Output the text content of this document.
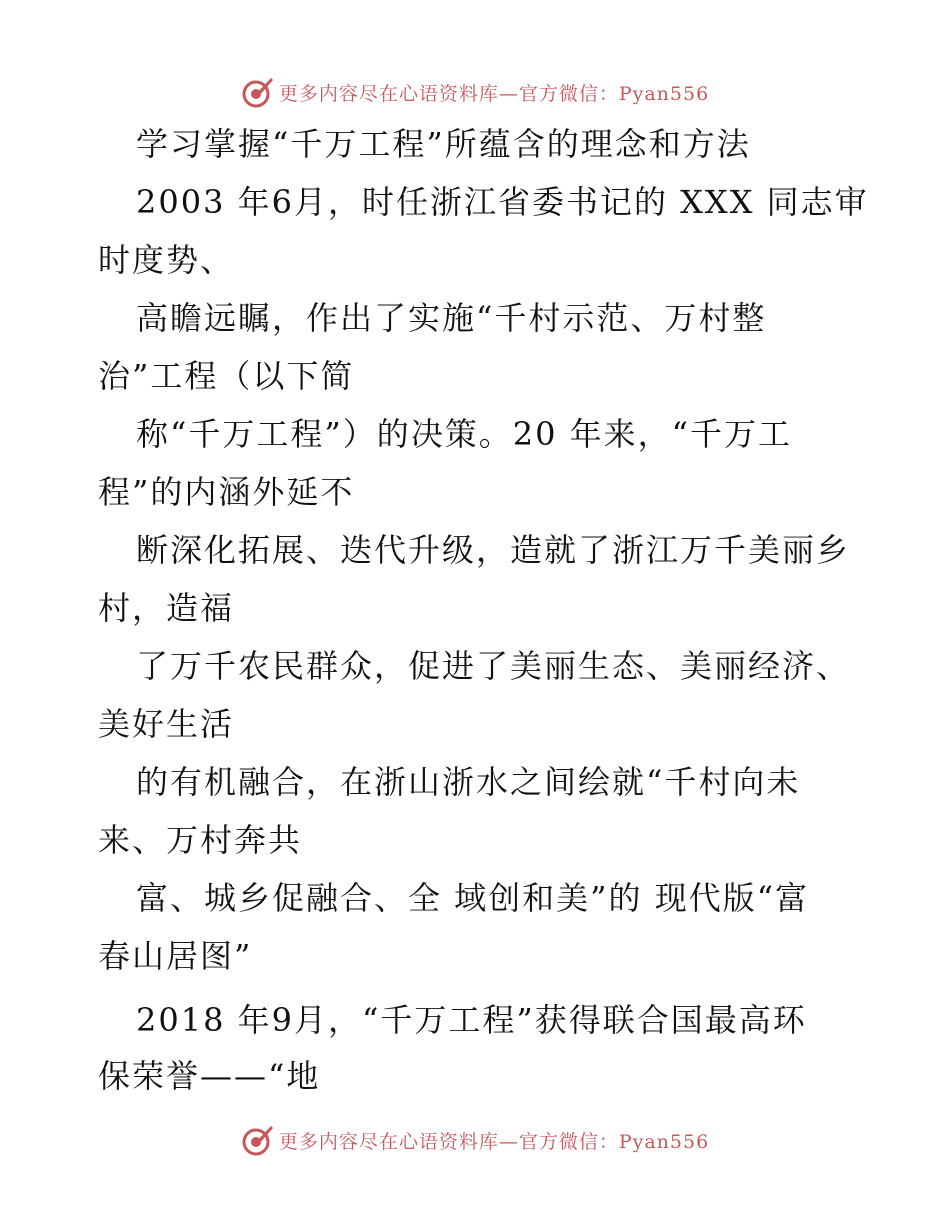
更多内容尽在心语资料库—官方微信：Pyan556
学习掌握“千万工程”所蕴含的理念和方法
2003 年6月，时任浙江省委书记的 XXX 同志审
时度势、
高瞻远瞩，作出了实施“千村示范、万村整
治”工程（以下简
称“千万工程”）的决策。20 年来，“千万工
程”的内涵外延不
断深化拓展、迭代升级，造就了浙江万千美丽乡
村，造福
了万千农民群众，促进了美丽生态、美丽经济、
美好生活
的有机融合，在浙山浙水之间绘就“千村向未
来、万村奔共
富、城乡促融合、全 域创和美”的 现代版“富
春山居图”
2018 年9月，“千万工程”获得联合国最高环
保荣誉——“地
更多内容尽在心语资料库—官方微信：Pyan556
